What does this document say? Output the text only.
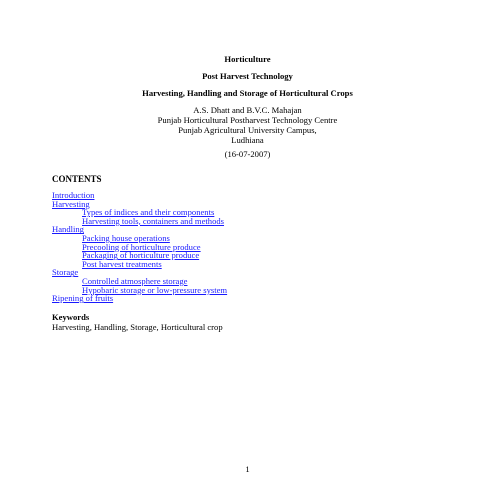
Horticulture
Post Harvest Technology
Harvesting, Handling and Storage of Horticultural Crops
A.S. Dhatt and B.V.C. Mahajan
Punjab Horticultural Postharvest Technology Centre
Punjab Agricultural University Campus,
Ludhiana
(16-07-2007)
CONTENTS
Introduction
Harvesting
Types of indices and their components
Harvesting tools, containers and methods
Handling
Packing house operations
Precooling of horticulture produce
Packaging of horticulture produce
Post harvest treatments
Storage
Controlled atmosphere storage
Hypobaric storage or low-pressure system
Ripening of fruits
Keywords
Harvesting, Handling, Storage, Horticultural crop
1
